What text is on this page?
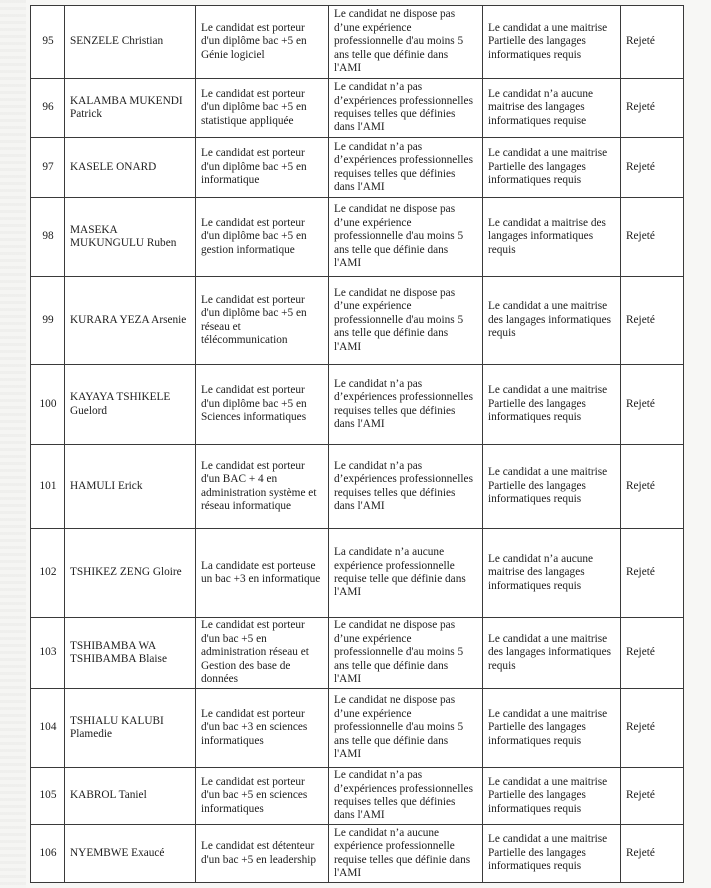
95	SENZELE Christian	Le candidat est porteur d'un diplôme bac +5 en Génie logiciel	Le candidat ne dispose pas d’une expérience professionnelle d'au moins 5 ans telle que définie dans l'AMI	Le candidat a une maitrise Partielle des langages informatiques requis	Rejeté
96	KALAMBA MUKENDI Patrick	Le candidat est porteur d'un diplôme bac +5 en statistique appliquée	Le candidat n’a pas d’expériences professionnelles requises telles que définies dans l'AMI	Le candidat n’a aucune maitrise des langages informatiques requise	Rejeté
97	KASELE ONARD	Le candidat est porteur d'un diplôme bac +5 en informatique	Le candidat n’a pas d’expériences professionnelles requises telles que définies dans l'AMI	Le candidat a une maitrise Partielle des langages informatiques requis	Rejeté
98	MASEKA MUKUNGULU Ruben	Le candidat est porteur d'un diplôme bac +5 en gestion informatique	Le candidat ne dispose pas d’une expérience professionnelle d'au moins 5 ans telle que définie dans l'AMI	Le candidat a maitrise des langages informatiques requis	Rejeté
99	KURARA YEZA Arsenie	Le candidat est porteur d'un diplôme bac +5 en réseau et télécommunication	Le candidat ne dispose pas d’une expérience professionnelle d'au moins 5 ans telle que définie dans l'AMI	Le candidat a une maitrise des langages informatiques requis	Rejeté
100	KAYAYA TSHIKELE Guelord	Le candidat est porteur d'un diplôme bac +5 en Sciences informatiques	Le candidat n’a pas d’expériences professionnelles requises telles que définies dans l'AMI	Le candidat a une maitrise Partielle des langages informatiques requis	Rejeté
101	HAMULI Erick	Le candidat est porteur d'un BAC + 4 en administration système et réseau informatique	Le candidat n’a pas d’expériences professionnelles requises telles que définies dans l'AMI	Le candidat a une maitrise Partielle des langages informatiques requis	Rejeté
102	TSHIKEZ ZENG Gloire	La candidate est porteuse un bac +3 en informatique	La candidate n’a aucune expérience professionnelle requise telle que définie dans l'AMI	Le candidat n’a aucune maitrise des langages informatiques requis	Rejeté
103	TSHIBAMBA WA TSHIBAMBA Blaise	Le candidat est porteur d'un bac +5 en administration réseau et Gestion des base de données	Le candidat ne dispose pas d’une expérience professionnelle d'au moins 5 ans telle que définie dans l'AMI	Le candidat a une maitrise des langages informatiques requis	Rejeté
104	TSHIALU KALUBI Plamedie	Le candidat est porteur d'un bac +3 en sciences informatiques	Le candidat ne dispose pas d’une expérience professionnelle d'au moins 5 ans telle que définie dans l'AMI	Le candidat a une maitrise Partielle des langages informatiques requis	Rejeté
105	KABROL Taniel	Le candidat est porteur d'un bac +5 en sciences informatiques	Le candidat n’a pas d’expériences professionnelles requises telles que définies dans l'AMI	Le candidat a une maitrise Partielle des langages informatiques requis	Rejeté
106	NYEMBWE Exaucé	Le candidat est détenteur d'un bac +5 en leadership	Le candidat n’a aucune expérience professionnelle requise telles que définie dans l'AMI	Le candidat a une maitrise Partielle des langages informatiques requis	Rejeté
